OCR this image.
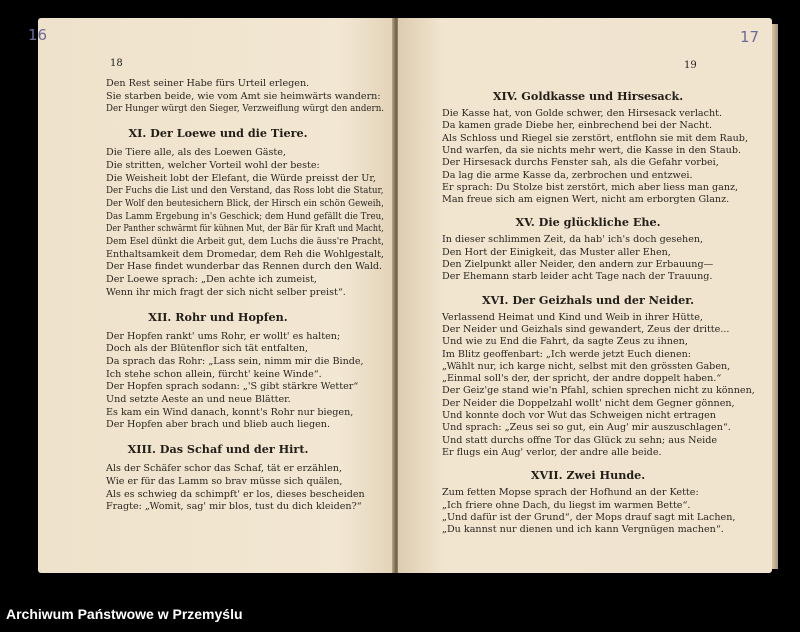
16
18
Den Rest seiner Habe fürs Urteil erlegen.
Sie starben beide, wie vom Amt sie heimwärts wandern:
Der Hunger würgt den Sieger, Verzweiflung würgt den andern.
XI. Der Loewe und die Tiere.
Die Tiere alle, als des Loewen Gäste,
Die stritten, welcher Vorteil wohl der beste:
Die Weisheit lobt der Elefant, die Würde preisst der Ur,
Der Fuchs die List und den Verstand, das Ross lobt die Statur,
Der Wolf den beutesichern Blick, der Hirsch ein schön Geweih,
Das Lamm Ergebung in's Geschick; dem Hund gefällt die Treu,
Der Panther schwärmt für kühnen Mut, der Bär für Kraft und Macht,
Dem Esel dünkt die Arbeit gut, dem Luchs die äuss're Pracht,
Enthaltsamkeit dem Dromedar, dem Reh die Wohlgestalt,
Der Hase findet wunderbar das Rennen durch den Wald.
Der Loewe sprach: „Den achte ich zumeist,
Wenn ihr mich fragt der sich nicht selber preist“.
XII. Rohr und Hopfen.
Der Hopfen rankt' ums Rohr, er wollt' es halten;
Doch als der Blütenflor sich tät entfalten,
Da sprach das Rohr: „Lass sein, nimm mir die Binde,
Ich stehe schon allein, fürcht' keine Winde“.
Der Hopfen sprach sodann: „'S gibt stärkre Wetter“
Und setzte Aeste an und neue Blätter.
Es kam ein Wind danach, konnt's Rohr nur biegen,
Der Hopfen aber brach und blieb auch liegen.
XIII. Das Schaf und der Hirt.
Als der Schäfer schor das Schaf, tät er erzählen,
Wie er für das Lamm so brav müsse sich quälen,
Als es schwieg da schimpft' er los, dieses bescheiden
Fragte: „Womit, sag' mir blos, tust du dich kleiden?“
17
19
XIV. Goldkasse und Hirsesack.
Die Kasse hat, von Golde schwer, den Hirsesack verlacht.
Da kamen grade Diebe her, einbrechend bei der Nacht.
Als Schloss und Riegel sie zerstört, entflohn sie mit dem Raub,
Und warfen, da sie nichts mehr wert, die Kasse in den Staub.
Der Hirsesack durchs Fenster sah, als die Gefahr vorbei,
Da lag die arme Kasse da, zerbrochen und entzwei.
Er sprach: Du Stolze bist zerstört, mich aber liess man ganz,
Man freue sich am eignen Wert, nicht am erborgten Glanz.
XV. Die glückliche Ehe.
In dieser schlimmen Zeit, da hab' ich's doch gesehen,
Den Hort der Einigkeit, das Muster aller Ehen,
Den Zielpunkt aller Neider, den andern zur Erbauung—
Der Ehemann starb leider acht Tage nach der Trauung.
XVI. Der Geizhals und der Neider.
Verlassend Heimat und Kind und Weib in ihrer Hütte,
Der Neider und Geizhals sind gewandert, Zeus der dritte...
Und wie zu End die Fahrt, da sagte Zeus zu ihnen,
Im Blitz geoffenbart: „Ich werde jetzt Euch dienen:
„Wählt nur, ich karge nicht, selbst mit den grössten Gaben,
„Einmal soll's der, der spricht, der andre doppelt haben.“
Der Geiz'ge stand wie'n Pfahl, schien sprechen nicht zu können,
Der Neider die Doppelzahl wollt' nicht dem Gegner gönnen,
Und konnte doch vor Wut das Schweigen nicht ertragen
Und sprach: „Zeus sei so gut, ein Aug' mir auszuschlagen“.
Und statt durchs offne Tor das Glück zu sehn; aus Neide
Er flugs ein Aug' verlor, der andre alle beide.
XVII. Zwei Hunde.
Zum fetten Mopse sprach der Hofhund an der Kette:
„Ich friere ohne Dach, du liegst im warmen Bette“.
„Und dafür ist der Grund“, der Mops drauf sagt mit Lachen,
„Du kannst nur dienen und ich kann Vergnügen machen“.
Archiwum Państwowe w Przemyślu
